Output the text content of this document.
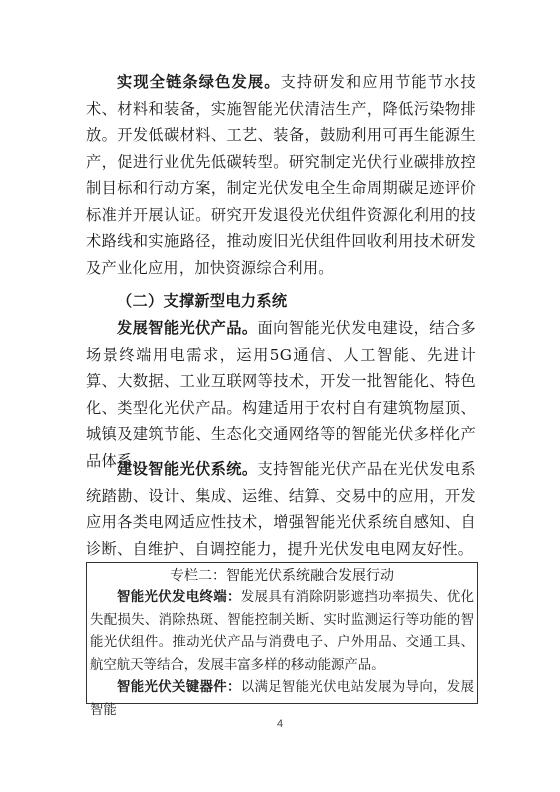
实现全链条绿色发展。支持研发和应用节能节水技术、材料和装备，实施智能光伏清洁生产，降低污染物排放。开发低碳材料、工艺、装备，鼓励利用可再生能源生产，促进行业优先低碳转型。研究制定光伏行业碳排放控制目标和行动方案，制定光伏发电全生命周期碳足迹评价标准并开展认证。研究开发退役光伏组件资源化利用的技术路线和实施路径，推动废旧光伏组件回收利用技术研发及产业化应用，加快资源综合利用。
（二）支撑新型电力系统
发展智能光伏产品。面向智能光伏发电建设，结合多场景终端用电需求，运用5G通信、人工智能、先进计算、大数据、工业互联网等技术，开发一批智能化、特色化、类型化光伏产品。构建适用于农村自有建筑物屋顶、城镇及建筑节能、生态化交通网络等的智能光伏多样化产品体系。
建设智能光伏系统。支持智能光伏产品在光伏发电系统踏勘、设计、集成、运维、结算、交易中的应用，开发应用各类电网适应性技术，增强智能光伏系统自感知、自诊断、自维护、自调控能力，提升光伏发电电网友好性。
专栏二：智能光伏系统融合发展行动
智能光伏发电终端：发展具有消除阴影遮挡功率损失、优化失配损失、消除热斑、智能控制关断、实时监测运行等功能的智能光伏组件。推动光伏产品与消费电子、户外用品、交通工具、航空航天等结合，发展丰富多样的移动能源产品。
智能光伏关键器件：以满足智能光伏电站发展为导向，发展智能
4
